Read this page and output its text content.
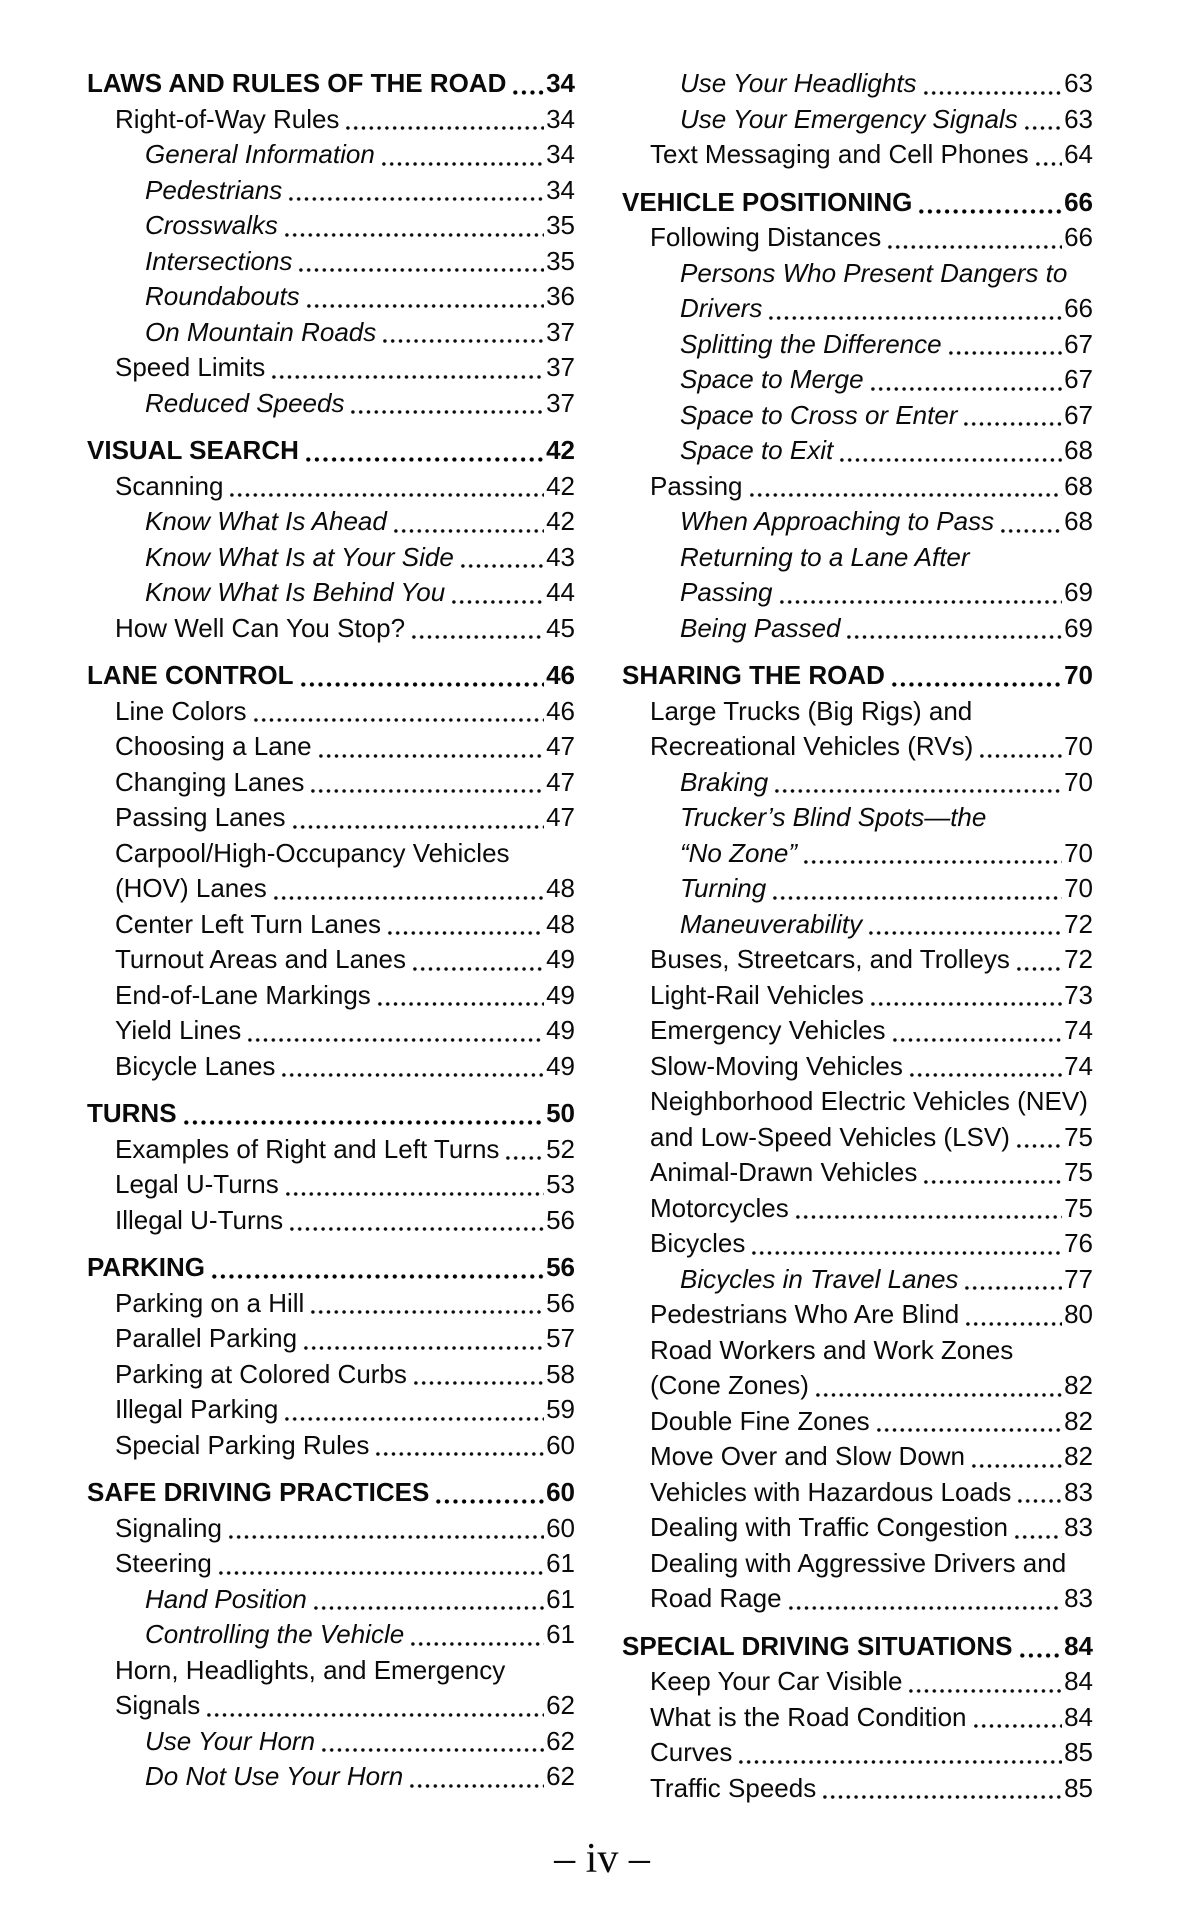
LAWS AND RULES OF THE ROAD 34
Right-of-Way Rules	34
General Information	34
Pedestrians	34
Crosswalks	35
Intersections	35
Roundabouts	36
On Mountain Roads	37
Speed Limits	37
Reduced Speeds	37
VISUAL SEARCH	42
Scanning	42
Know What Is Ahead	42
Know What Is at Your Side	43
Know What Is Behind You	44
How Well Can You Stop?	45
LANE CONTROL	46
Line Colors	46
Choosing a Lane	47
Changing Lanes	47
Passing Lanes	47
Carpool/High-Occupancy Vehicles
(HOV) Lanes	48
Center Left Turn Lanes	48
Turnout Areas and Lanes	49
End-of-Lane Markings	49
Yield Lines	49
Bicycle Lanes	49
TURNS	50
Examples of Right and Left Turns 52
Legal U-Turns	53
Illegal U-Turns	56
PARKING	56
Parking on a Hill	56
Parallel Parking	57
Parking at Colored Curbs	58
Illegal Parking	59
Special Parking Rules	60
SAFE DRIVING PRACTICES	60
Signaling	60
Steering	61
Hand Position	61
Controlling the Vehicle	61
Horn, Headlights, and Emergency
Signals	62
Use Your Horn	62
Do Not Use Your Horn	62
Use Your Headlights	63
Use Your Emergency Signals 63
Text Messaging and Cell Phones 64
VEHICLE POSITIONING	66
Following Distances	66
Persons Who Present Dangers to
Drivers	66
Splitting the Difference	67
Space to Merge	67
Space to Cross or Enter	67
Space to Exit	68
Passing	68
When Approaching to Pass	68
Returning to a Lane After
Passing	69
Being Passed	69
SHARING THE ROAD	70
Large Trucks (Big Rigs) and
Recreational Vehicles (RVs)	70
Braking	70
Trucker’s Blind Spots—the
“No Zone”	70
Turning	70
Maneuverability	72
Buses, Streetcars, and Trolleys 72
Light-Rail Vehicles	73
Emergency Vehicles	74
Slow-Moving Vehicles	74
Neighborhood Electric Vehicles (NEV)
and Low-Speed Vehicles (LSV) 75
Animal-Drawn Vehicles	75
Motorcycles	75
Bicycles	76
Bicycles in Travel Lanes	77
Pedestrians Who Are Blind	80
Road Workers and Work Zones
(Cone Zones)	82
Double Fine Zones	82
Move Over and Slow Down	82
Vehicles with Hazardous Loads 83
Dealing with Traffic Congestion 83
Dealing with Aggressive Drivers and
Road Rage	83
SPECIAL DRIVING SITUATIONS 84
Keep Your Car Visible	84
What is the Road Condition	84
Curves	85
Traffic Speeds	85
– iv –
